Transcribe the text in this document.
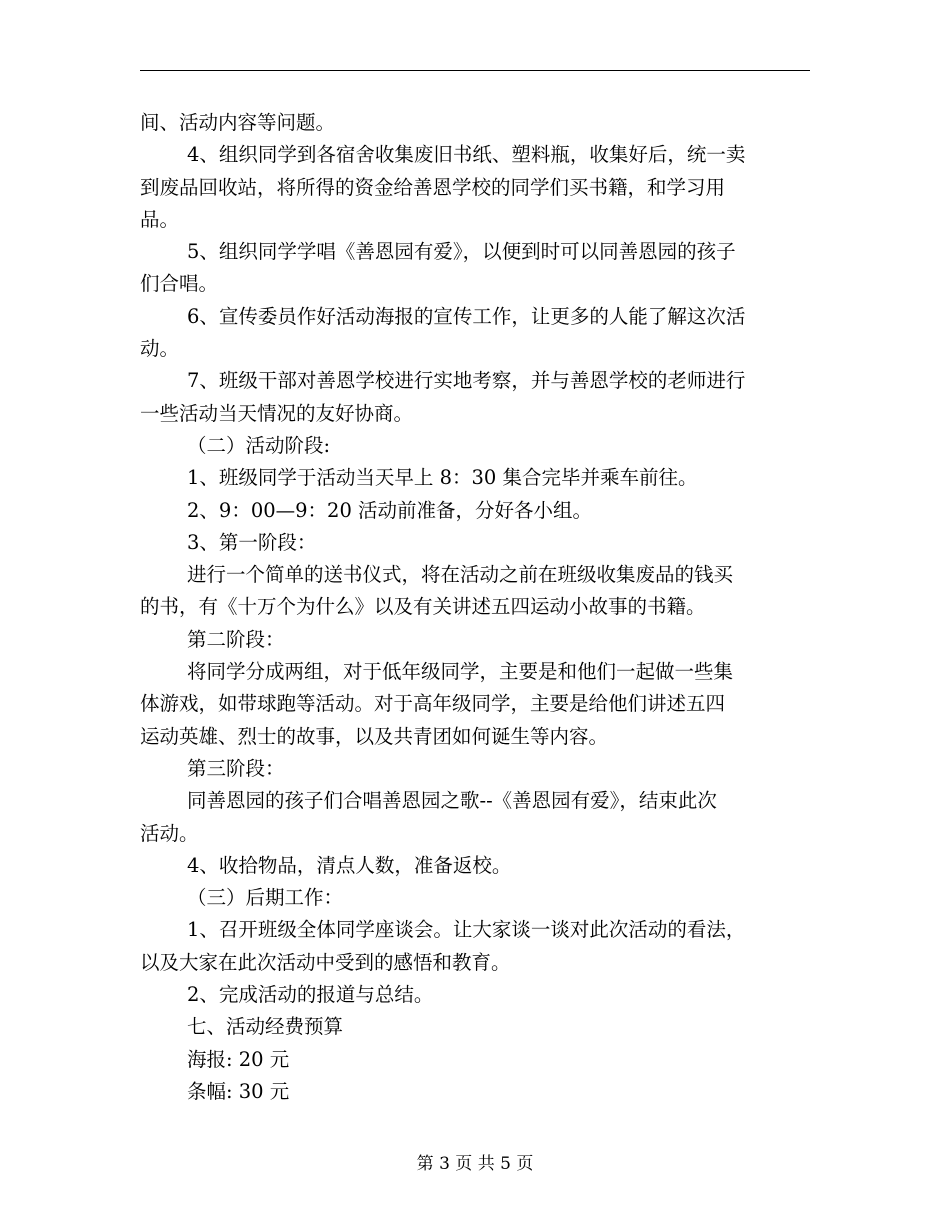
间、活动内容等问题。
4、组织同学到各宿舍收集废旧书纸、塑料瓶，收集好后，统一卖
到废品回收站，将所得的资金给善恩学校的同学们买书籍，和学习用
品。
5、组织同学学唱《善恩园有爱》，以便到时可以同善恩园的孩子
们合唱。
6、宣传委员作好活动海报的宣传工作，让更多的人能了解这次活
动。
7、班级干部对善恩学校进行实地考察，并与善恩学校的老师进行
一些活动当天情况的友好协商。
（二）活动阶段:
1、班级同学于活动当天早上 8：30 集合完毕并乘车前往。
2、9：00—9：20 活动前准备，分好各小组。
3、第一阶段：
进行一个简单的送书仪式，将在活动之前在班级收集废品的钱买
的书，有《十万个为什么》以及有关讲述五四运动小故事的书籍。
第二阶段：
将同学分成两组，对于低年级同学，主要是和他们一起做一些集
体游戏，如带球跑等活动。对于高年级同学，主要是给他们讲述五四
运动英雄、烈士的故事，以及共青团如何诞生等内容。
第三阶段：
同善恩园的孩子们合唱善恩园之歌--《善恩园有爱》，结束此次
活动。
4、收拾物品，清点人数，准备返校。
（三）后期工作：
1、召开班级全体同学座谈会。让大家谈一谈对此次活动的看法，
以及大家在此次活动中受到的感悟和教育。
2、完成活动的报道与总结。
七、活动经费预算
海报: 20 元
条幅: 30 元
第 3 页 共 5 页
